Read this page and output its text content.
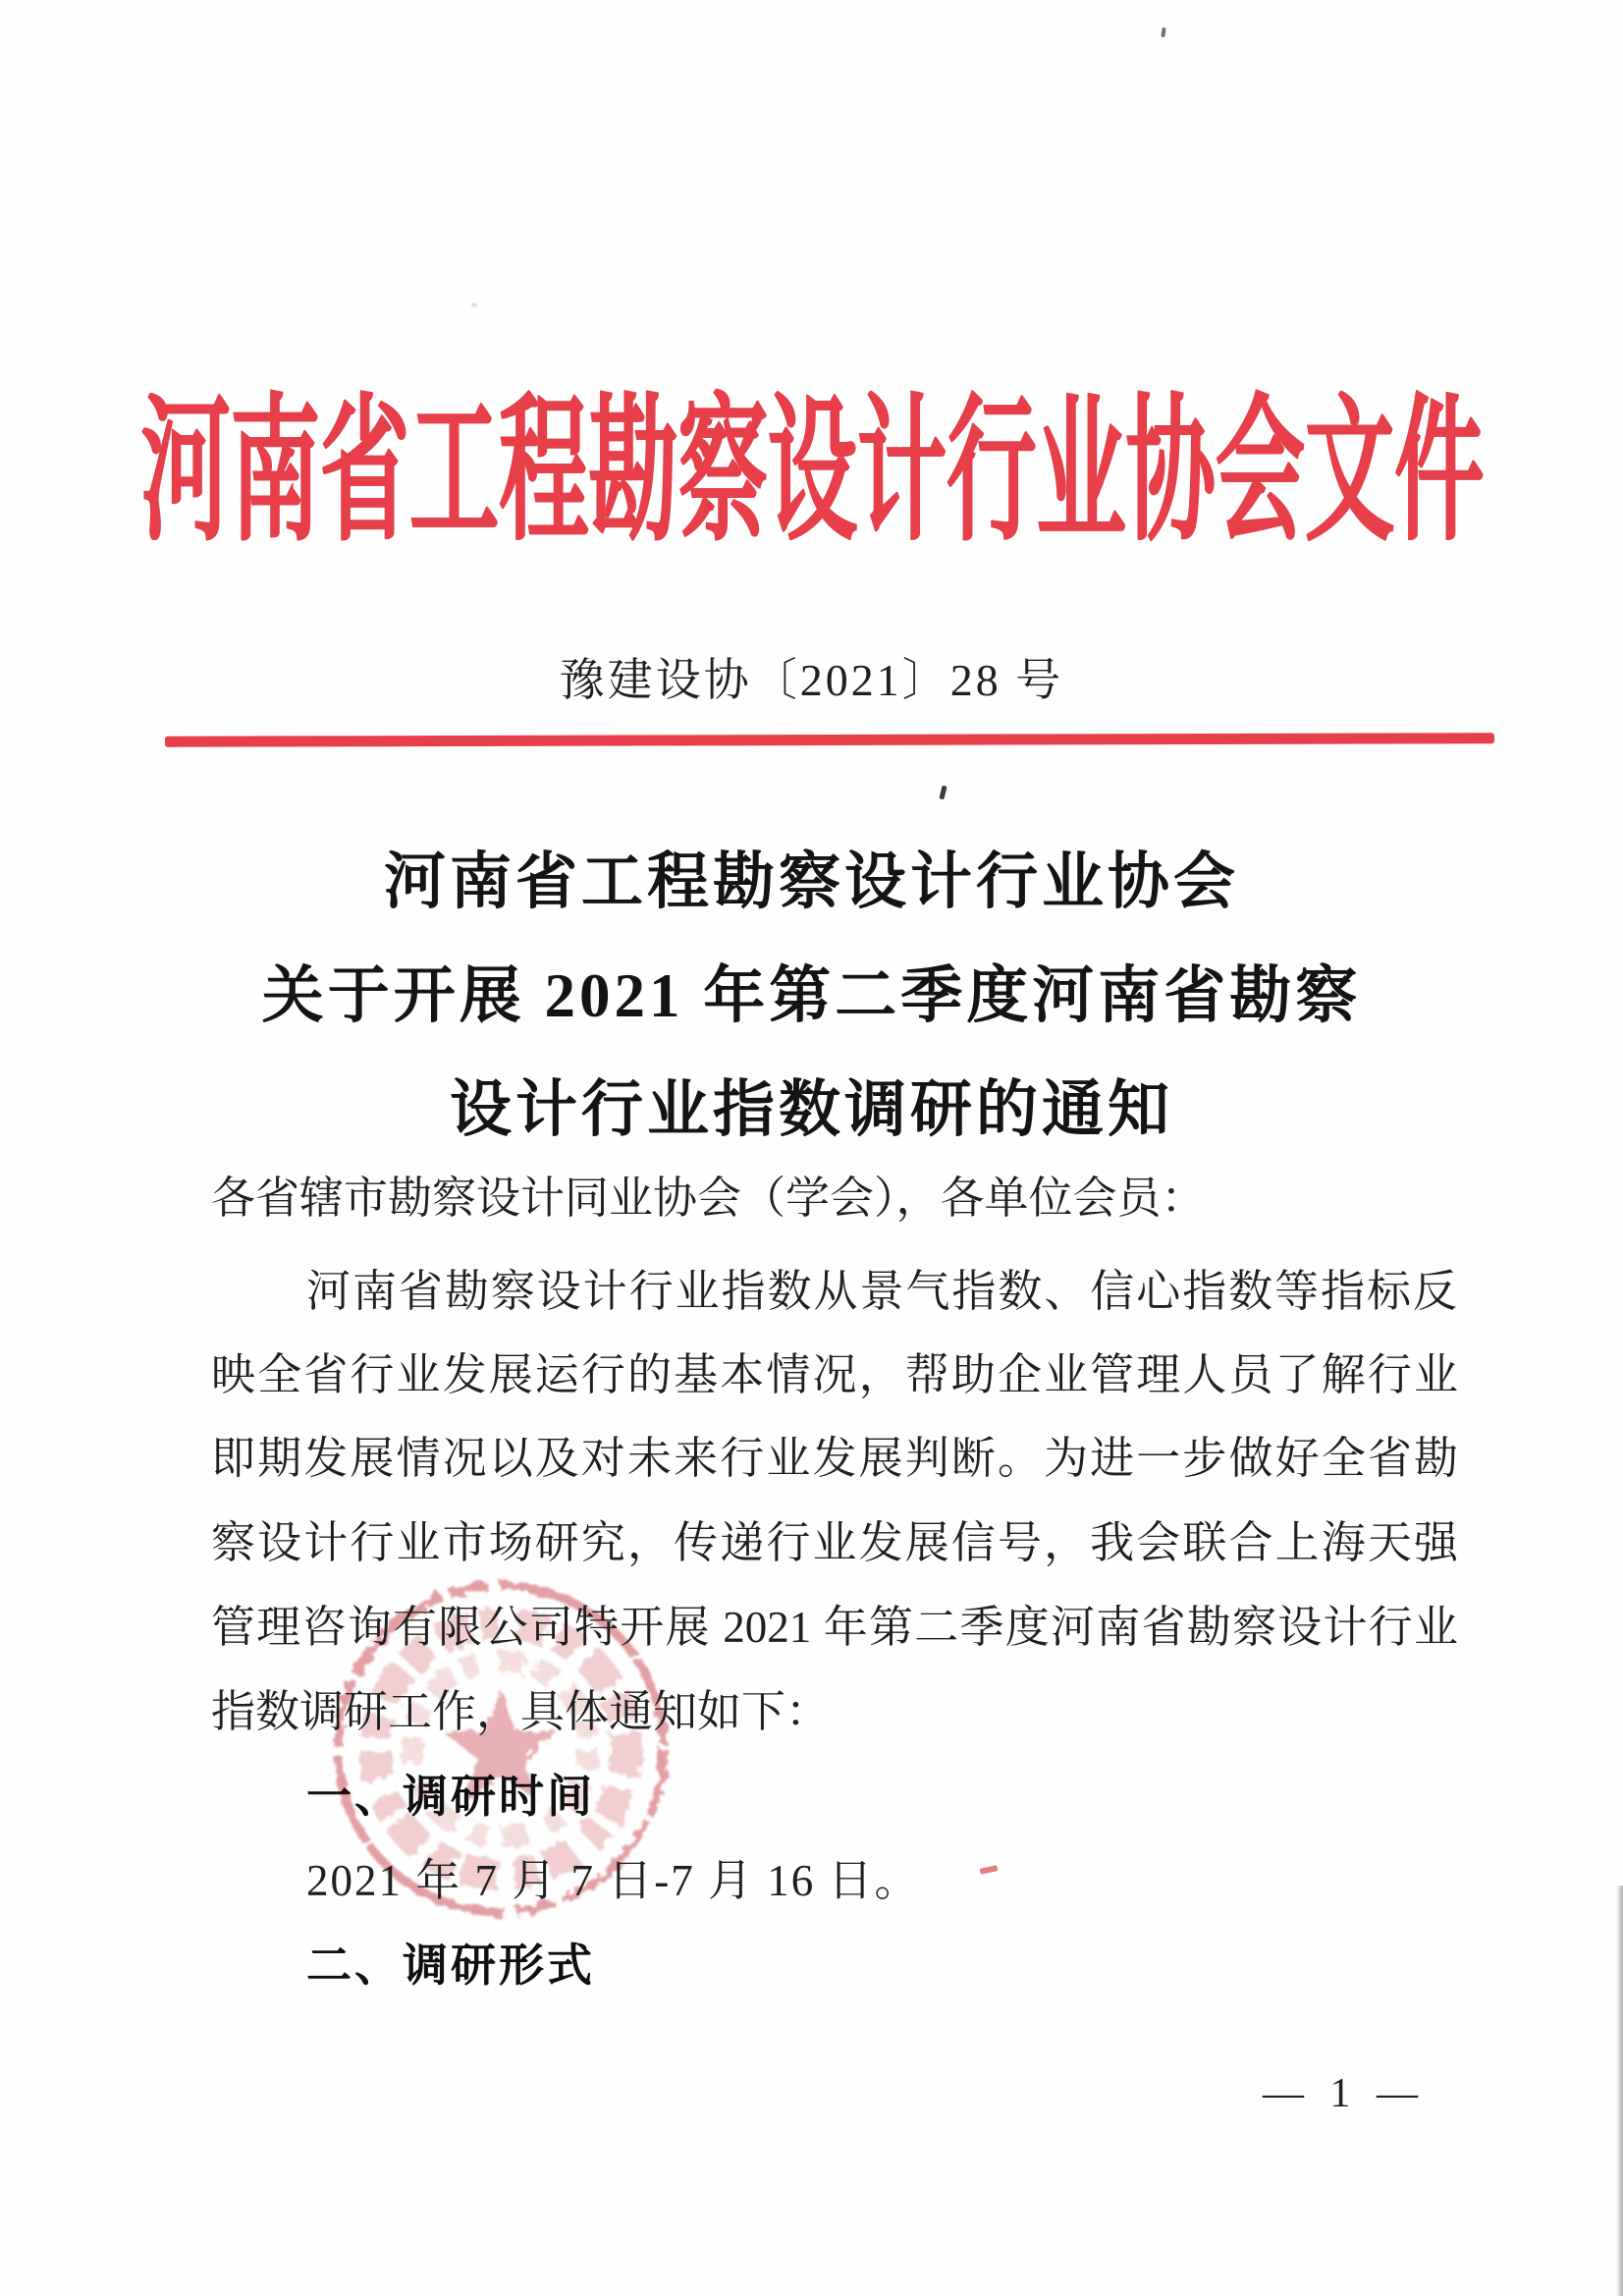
河南省工程勘察设计行业协会文件
豫建设协〔2021〕28 号
河南省工程勘察设计行业协会
关于开展 2021 年第二季度河南省勘察
设计行业指数调研的通知
各省辖市勘察设计同业协会（学会），各单位会员：
河南省勘察设计行业指数从景气指数、信心指数等指标反
映全省行业发展运行的基本情况，帮助企业管理人员了解行业
即期发展情况以及对未来行业发展判断。为进一步做好全省勘
察设计行业市场研究，传递行业发展信号，我会联合上海天强
管理咨询有限公司特开展 2021 年第二季度河南省勘察设计行业
指数调研工作，具体通知如下：
一、调研时间
2021 年 7 月 7 日-7 月 16 日。
二、调研形式
— 1 —
